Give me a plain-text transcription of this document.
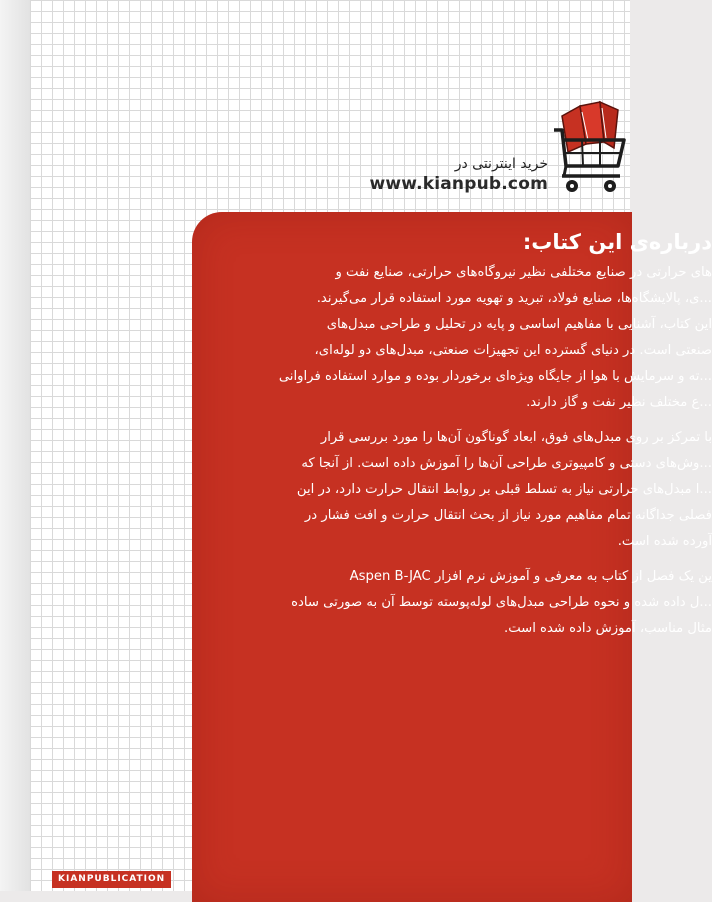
خرید اینترنتی در
www.kianpub.com
درباره‌ی این کتاب:
های حرارتی در صنایع مختلفی نظیر نیروگاه‌های حرارتی، صنایع نفت و
...ی، پالایشگاه‌ها، صنایع فولاد، تبرید و تهویه مورد استفاده قرار می‌گیرند.
این کتاب، آشنایی با مفاهیم اساسی و پایه در تحلیل و طراحی مبدل‌های
صنعتی است. در دنیای گسترده این تجهیزات صنعتی، مبدل‌های دو لوله‌ای،
...ته و سرمایش با هوا از جایگاه ویژه‌ای برخوردار بوده و موارد استفاده فراوانی
...ع مختلف نظیر نفت و گاز دارند.
با تمرکز بر روی مبدل‌های فوق، ابعاد گوناگون آن‌ها را مورد بررسی قرار
...وش‌های دستی و کامپیوتری طراحی آن‌ها را آموزش داده است. از آنجا که
...ا مبدل‌های حرارتی نیاز به تسلط قبلی بر روابط انتقال حرارت دارد، در این
فصلی جداگانه تمام مفاهیم مورد نیاز از بحث انتقال حرارت و افت فشار در
آورده شده است.
ین یک فصل از کتاب به معرفی و آموزش نرم افزار Aspen B-JAC
...ل داده شده و نحوه طراحی مبدل‌های لوله‌پوسته توسط آن به صورتی ساده
مثال مناسب، آموزش داده شده است.
KIANPUBLICATION
